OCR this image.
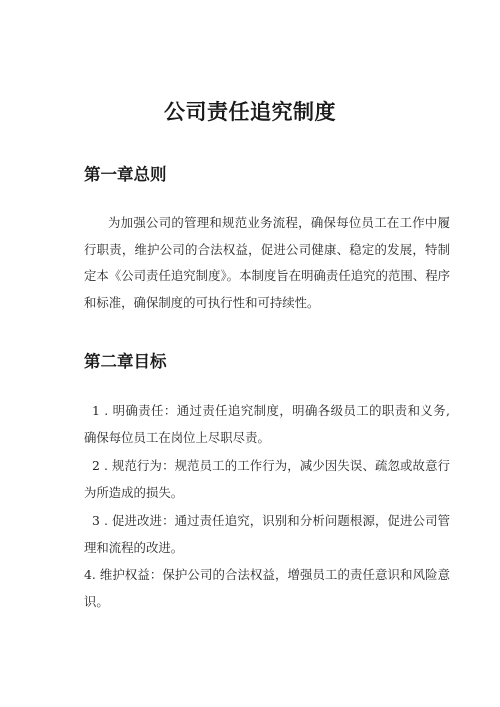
公司责任追究制度
第一章总则

为加强公司的管理和规范业务流程，确保每位员工在工作中履行职责，维护公司的合法权益，促进公司健康、稳定的发展，特制定本《公司责任追究制度》。本制度旨在明确责任追究的范围、程序和标准，确保制度的可执行性和可持续性。

第二章目标

1 . 明确责任：通过责任追究制度，明确各级员工的职责和义务,确保每位员工在岗位上尽职尽责。

2 . 规范行为：规范员工的工作行为，减少因失误、疏忽或故意行为所造成的损失。

3 . 促进改进：通过责任追究，识别和分析问题根源，促进公司管理和流程的改进。

4. 维护权益：保护公司的合法权益，增强员工的责任意识和风险意识。
